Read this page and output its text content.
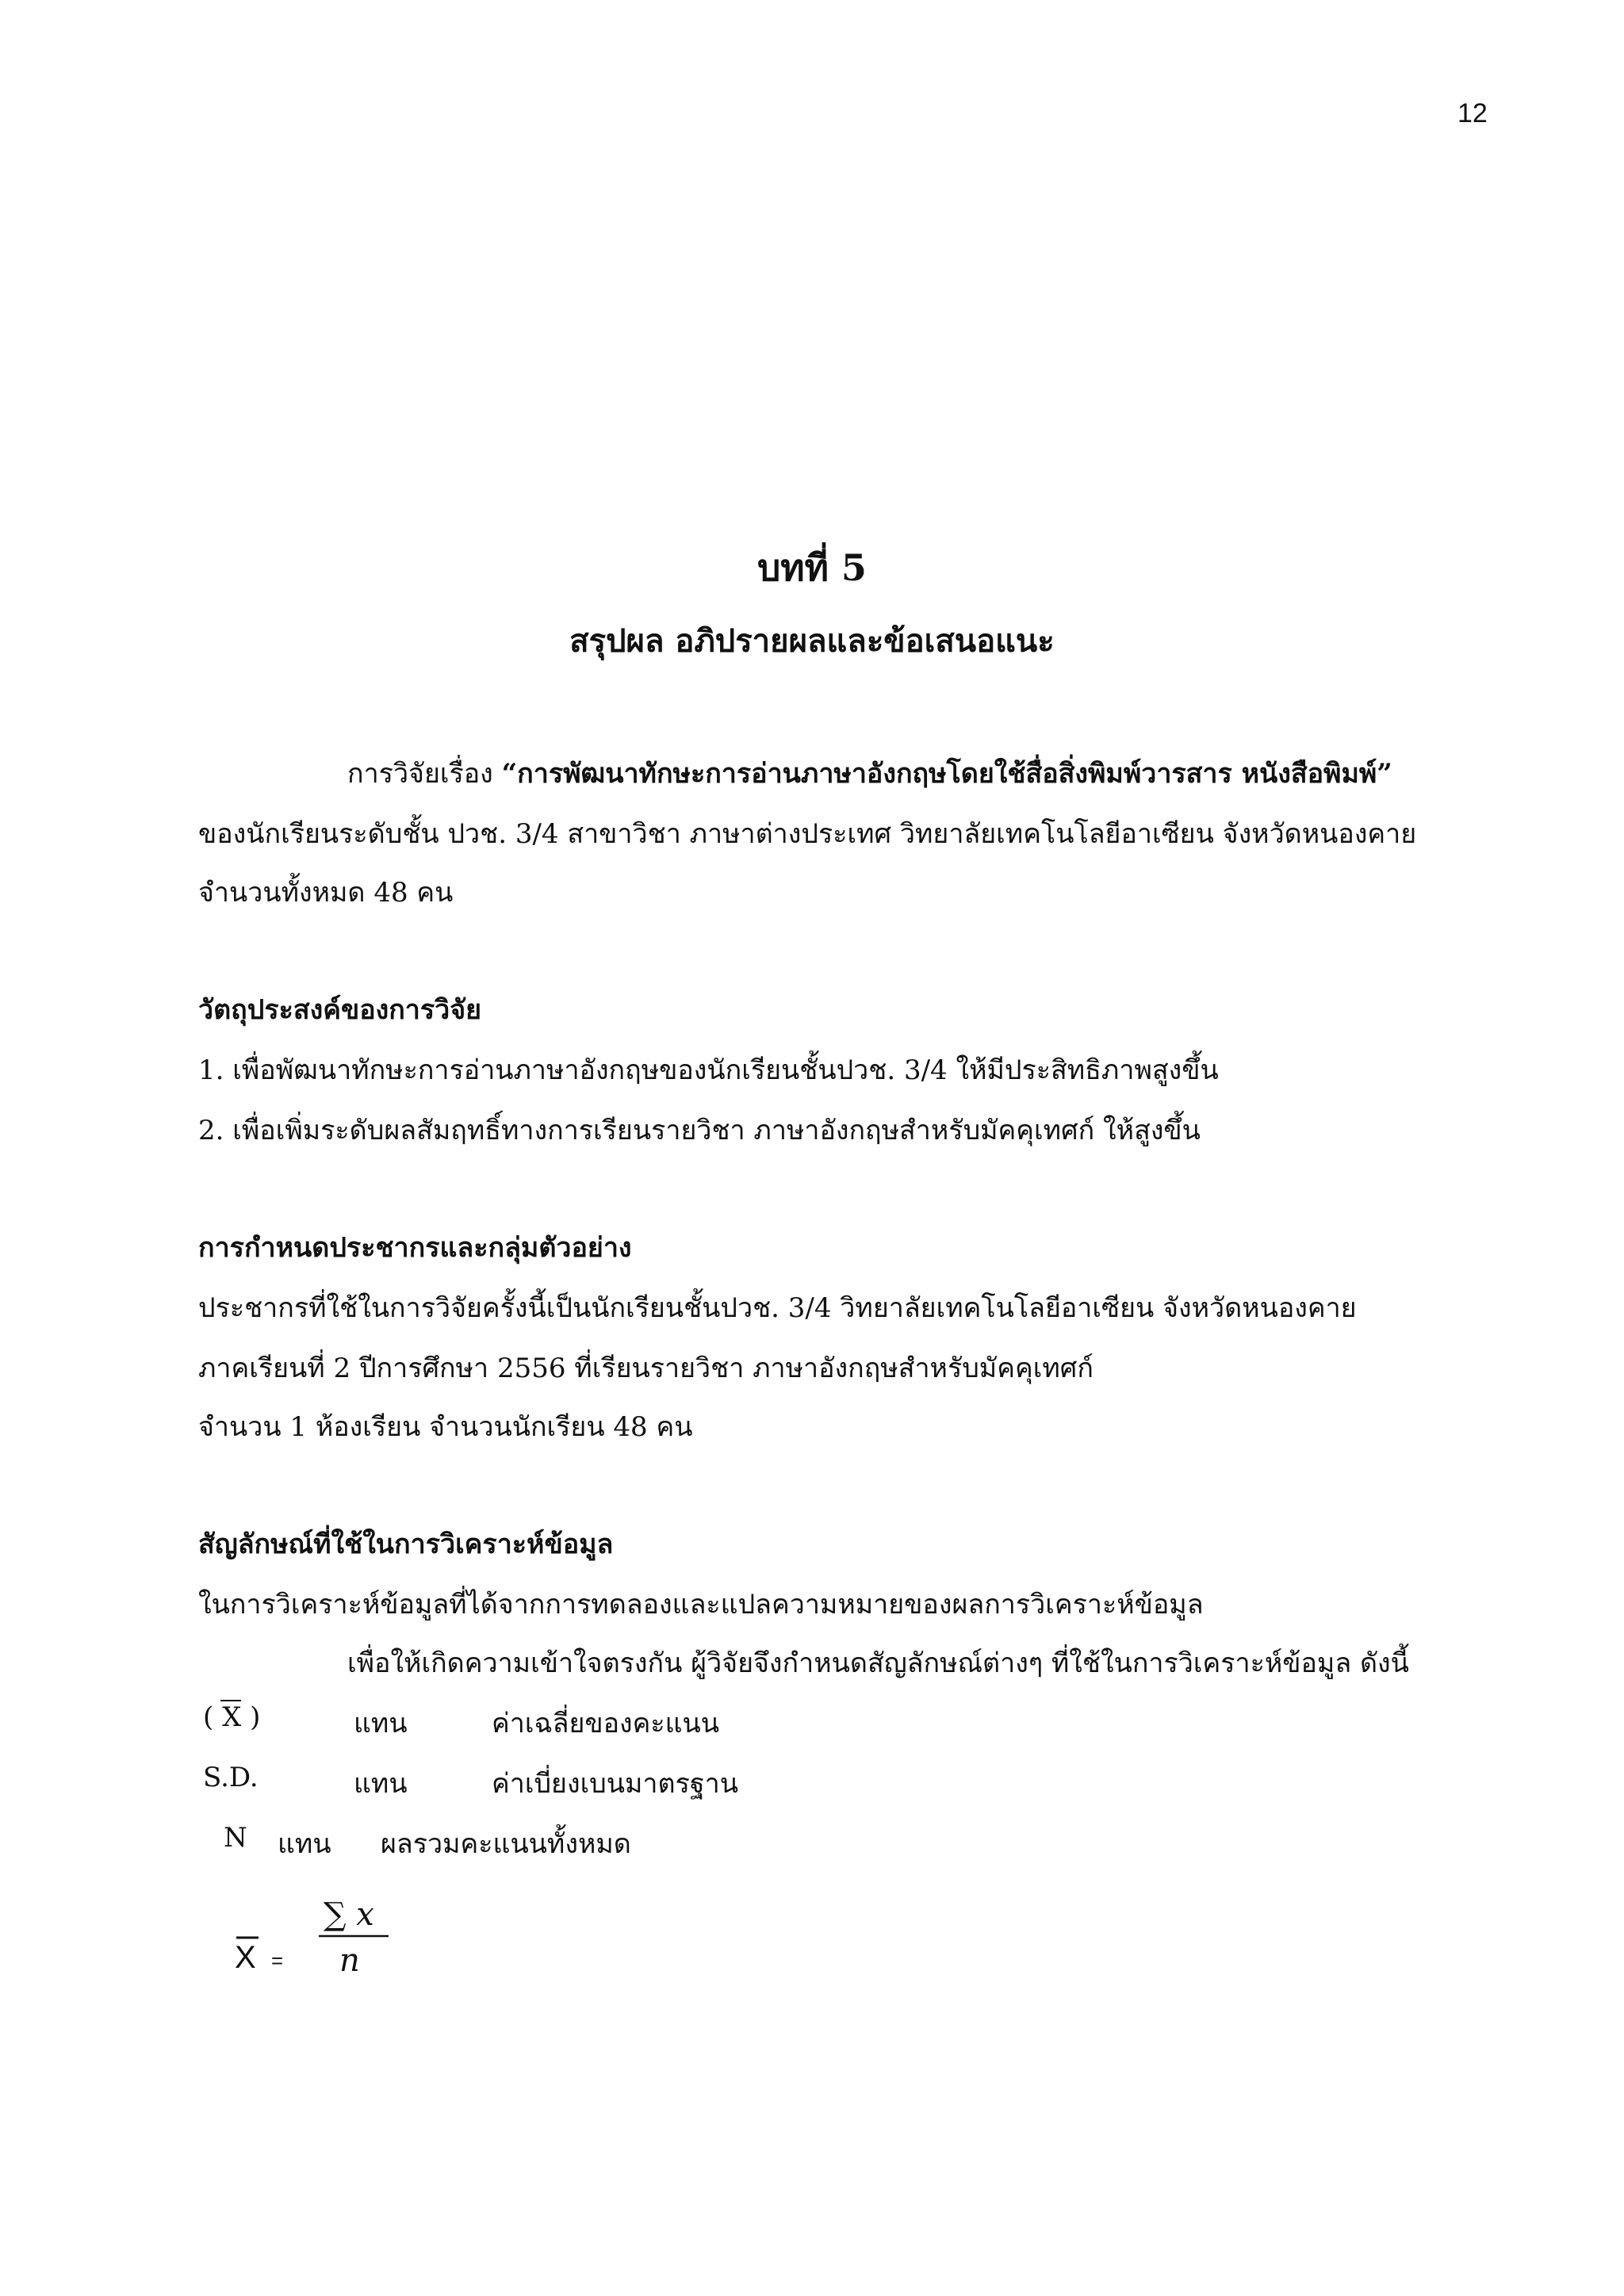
12
บทที่ 5
สรุปผล อภิปรายผลและข้อเสนอแนะ
การวิจัยเรื่อง “การพัฒนาทักษะการอ่านภาษาอังกฤษโดยใช้สื่อสิ่งพิมพ์วารสาร หนังสือพิมพ์”
ของนักเรียนระดับชั้น ปวช. 3/4 สาขาวิชา ภาษาต่างประเทศ วิทยาลัยเทคโนโลยีอาเซียน จังหวัดหนองคาย
จำนวนทั้งหมด 48 คน
วัตถุประสงค์ของการวิจัย
1. เพื่อพัฒนาทักษะการอ่านภาษาอังกฤษของนักเรียนชั้นปวช. 3/4 ให้มีประสิทธิภาพสูงขึ้น
2. เพื่อเพิ่มระดับผลสัมฤทธิ์ทางการเรียนรายวิชา ภาษาอังกฤษสำหรับมัคคุเทศก์ ให้สูงขึ้น
การกำหนดประชากรและกลุ่มตัวอย่าง
ประชากรที่ใช้ในการวิจัยครั้งนี้เป็นนักเรียนชั้นปวช. 3/4 วิทยาลัยเทคโนโลยีอาเซียน จังหวัดหนองคาย
ภาคเรียนที่ 2 ปีการศึกษา 2556 ที่เรียนรายวิชา ภาษาอังกฤษสำหรับมัคคุเทศก์
จำนวน 1 ห้องเรียน จำนวนนักเรียน 48 คน
สัญลักษณ์ที่ใช้ในการวิเคราะห์ข้อมูล
ในการวิเคราะห์ข้อมูลที่ได้จากการทดลองและแปลความหมายของผลการวิเคราะห์ข้อมูล
เพื่อให้เกิดความเข้าใจตรงกัน ผู้วิจัยจึงกำหนดสัญลักษณ์ต่างๆ ที่ใช้ในการวิเคราะห์ข้อมูล ดังนี้
( X )	แทน	ค่าเฉลี่ยของคะแนน
S.D.	แทน	ค่าเบี่ยงเบนมาตรฐาน
N แทน ผลรวมคะแนนทั้งหมด
X =
∑ x
n
